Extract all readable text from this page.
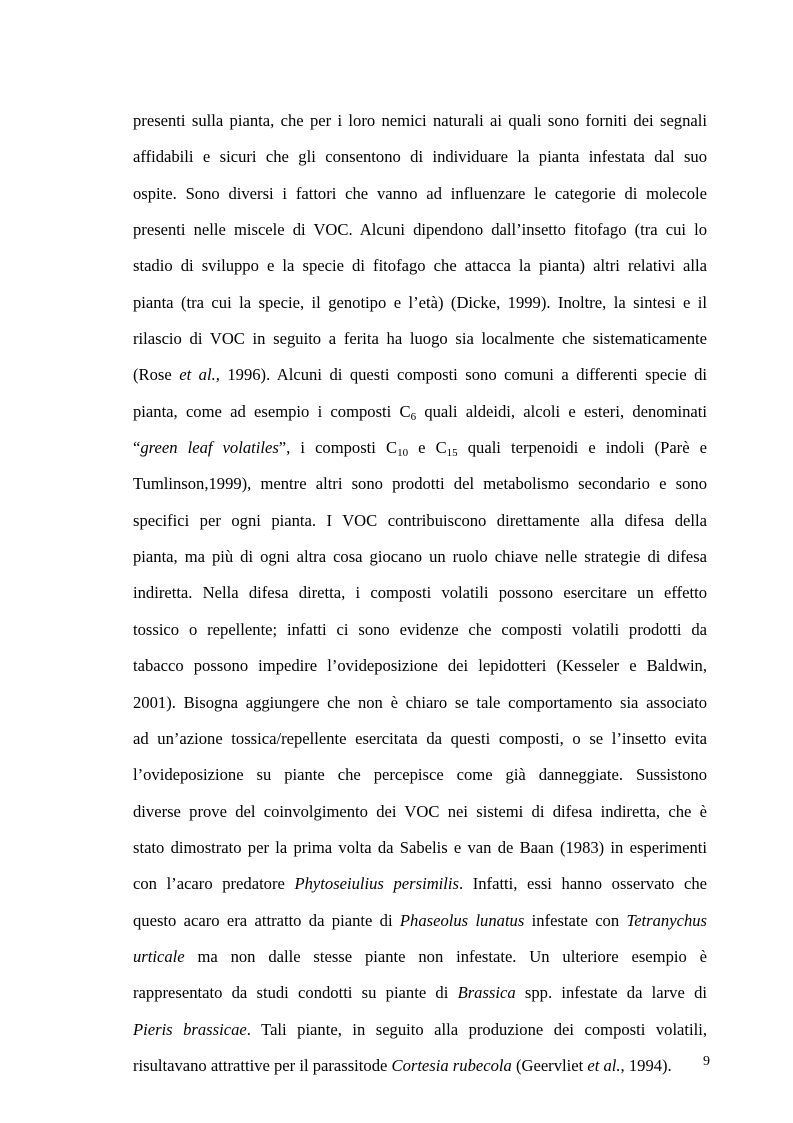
presenti sulla pianta, che per i loro nemici naturali ai quali sono forniti dei segnali
affidabili e sicuri che gli consentono di individuare la pianta infestata dal suo
ospite. Sono diversi i fattori che vanno ad influenzare le categorie di molecole
presenti nelle miscele di VOC. Alcuni dipendono dall’insetto fitofago (tra cui lo
stadio di sviluppo e la specie di fitofago che attacca la pianta) altri relativi alla
pianta (tra cui la specie, il genotipo e l’età) (Dicke, 1999). Inoltre, la sintesi e il
rilascio di VOC in seguito a ferita ha luogo sia localmente che sistematicamente
(Rose et al., 1996). Alcuni di questi composti sono comuni a differenti specie di
pianta, come ad esempio i composti $C_6$ quali aldeidi, alcoli e esteri, denominati
“green leaf volatiles”, i composti $C_{10}$ e $C_{15}$ quali terpenoidi e indoli (Parè e
Tumlinson,1999), mentre altri sono prodotti del metabolismo secondario e sono
specifici per ogni pianta. I VOC contribuiscono direttamente alla difesa della
pianta, ma più di ogni altra cosa giocano un ruolo chiave nelle strategie di difesa
indiretta. Nella difesa diretta, i composti volatili possono esercitare un effetto
tossico o repellente; infatti ci sono evidenze che composti volatili prodotti da
tabacco possono impedire l’ovideposizione dei lepidotteri (Kesseler e Baldwin,
2001). Bisogna aggiungere che non è chiaro se tale comportamento sia associato
ad un’azione tossica/repellente esercitata da questi composti, o se l’insetto evita
l’ovideposizione su piante che percepisce come già danneggiate. Sussistono
diverse prove del coinvolgimento dei VOC nei sistemi di difesa indiretta, che è
stato dimostrato per la prima volta da Sabelis e van de Baan (1983) in esperimenti
con l’acaro predatore Phytoseiulius persimilis. Infatti, essi hanno osservato che
questo acaro era attratto da piante di Phaseolus lunatus infestate con Tetranychus
urticale ma non dalle stesse piante non infestate. Un ulteriore esempio è
rappresentato da studi condotti su piante di Brassica spp. infestate da larve di
Pieris brassicae. Tali piante, in seguito alla produzione dei composti volatili,
risultavano attrattive per il parassitode Cortesia rubecola (Geervliet et al., 1994).	9
